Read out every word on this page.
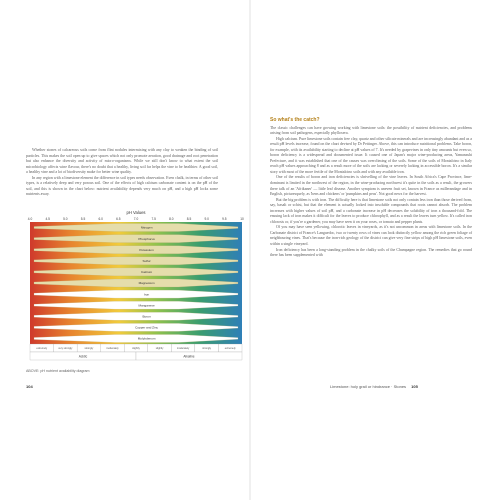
Whether stones of calcareous soils come from flint nodules intermixing with any clay to weaken the binding of soil particles. This makes the soil open up to give spaces which not only promote aeration, good drainage and root penetration but also enhance the diversity and activity of micro-organisms. While we still don't know to what extent the soil microbiology affects wine flavour, there's no doubt that a healthy, living soil far helps the vine to be healthier. A good soil, a healthy vine and a lot of biodiversity make for better wine quality.

In any region with a limestone element the difference in soil types needs observation. Even chalk, in terms of other soil types, is a relatively deep and very porous soil. One of the effects of high calcium carbonate content is on the pH of the soil, and this is shown in the chart below: nutrient availability depends very much on pH, and a high pH locks some nutrients away.

pH Values
4.0	4.5	5.0	5.5	6.0	6.5	7.0	7.5	8.0	8.5	9.0	9.5	10
Nitrogen
Phosphorus
Potassium
Sulfur
Calcium
Magnesium
Iron
Manganese
Boron
Copper and Zinc
Molybdenum
extremely	very strongly	strongly	moderately	slightly	slightly	moderately	strongly	extremely
Acidic	Alkaline
ABOVE: pH nutrient availability diagram
104
So what's the catch?

The classic challenges can have growing working with limestone soils: the possibility of nutrient deficiencies, and problems arising from soil pathogens, especially phylloxera.

High calcium. Pure limestone soils contain free clay, quartz and other silicate minerals and are increasingly abundant and as a result pH levels increase, found on the chart devised by Dr Pettinger. Above, this can introduce nutritional problems. Take boron, for example, with its availability starting to decline at pH values of 7. It's needed by grapevines in only tiny amounts but even so, boron deficiency is a widespread and documented issue. It caused one of Japan's major wine-producing areas, Yamanashi Prefecture, and it was established that one of the causes was overcliming of the soils. Some of the soils of Montalcino in Italy reach pH values approaching 8 and as a result more of the soils are lacking or severely lacking in accessible boron. It's a similar story with most of the more fertile of the Montalcino soils and with any available iron.

One of the results of boron and iron deficiencies is shrivelling of the vine leaves. In South Africa's Cape Province, lime-dominant is limited in the northwest of the region, in the wine-producing northwest it's quite in the soils as a result, the growers there talk of an 'Afrikaner' — little leaf disease. Another symptom is uneven fruit set, known in France as millerandage and in English, picturesquely, as 'hens and chickens' or 'pumpkins and peas'. Not good news for the harvest.

But the big problem is with iron. The difficulty here is that limestone soils not only contain less iron than those derived from, say, basalt or schist, but that the element is actually locked into insoluble compounds that roots cannot absorb. The problem increases with higher values of soil pH, and a carbonate increase in pH decreases the solubility of iron a thousand-fold. The ensuing lack of iron makes it difficult for the leaves to produce chlorophyll, and as a result the leaves turn yellow. It's called iron chlorosis or, if you're a gardener, you may have seen it on your roses, or tomato and pepper plants.

Of you may have seen yellowing, chlorotic leaves in vineyards, as it's not uncommon in areas with limestone soils. In the Carbonate district of France's Languedoc, two or twenty rows of vines can look distinctly yellow among the rich green foliage of neighbouring vines. That's because the iron-rich geology of the district can give very fine strips of high pH limestone soils, even within a single vineyard.

Iron deficiency has been a long-standing problem in the chalky soils of the Champagne region. The remedies that go round there has been supplemented with

Limestone: holy grail or hindrance · Stones 105
